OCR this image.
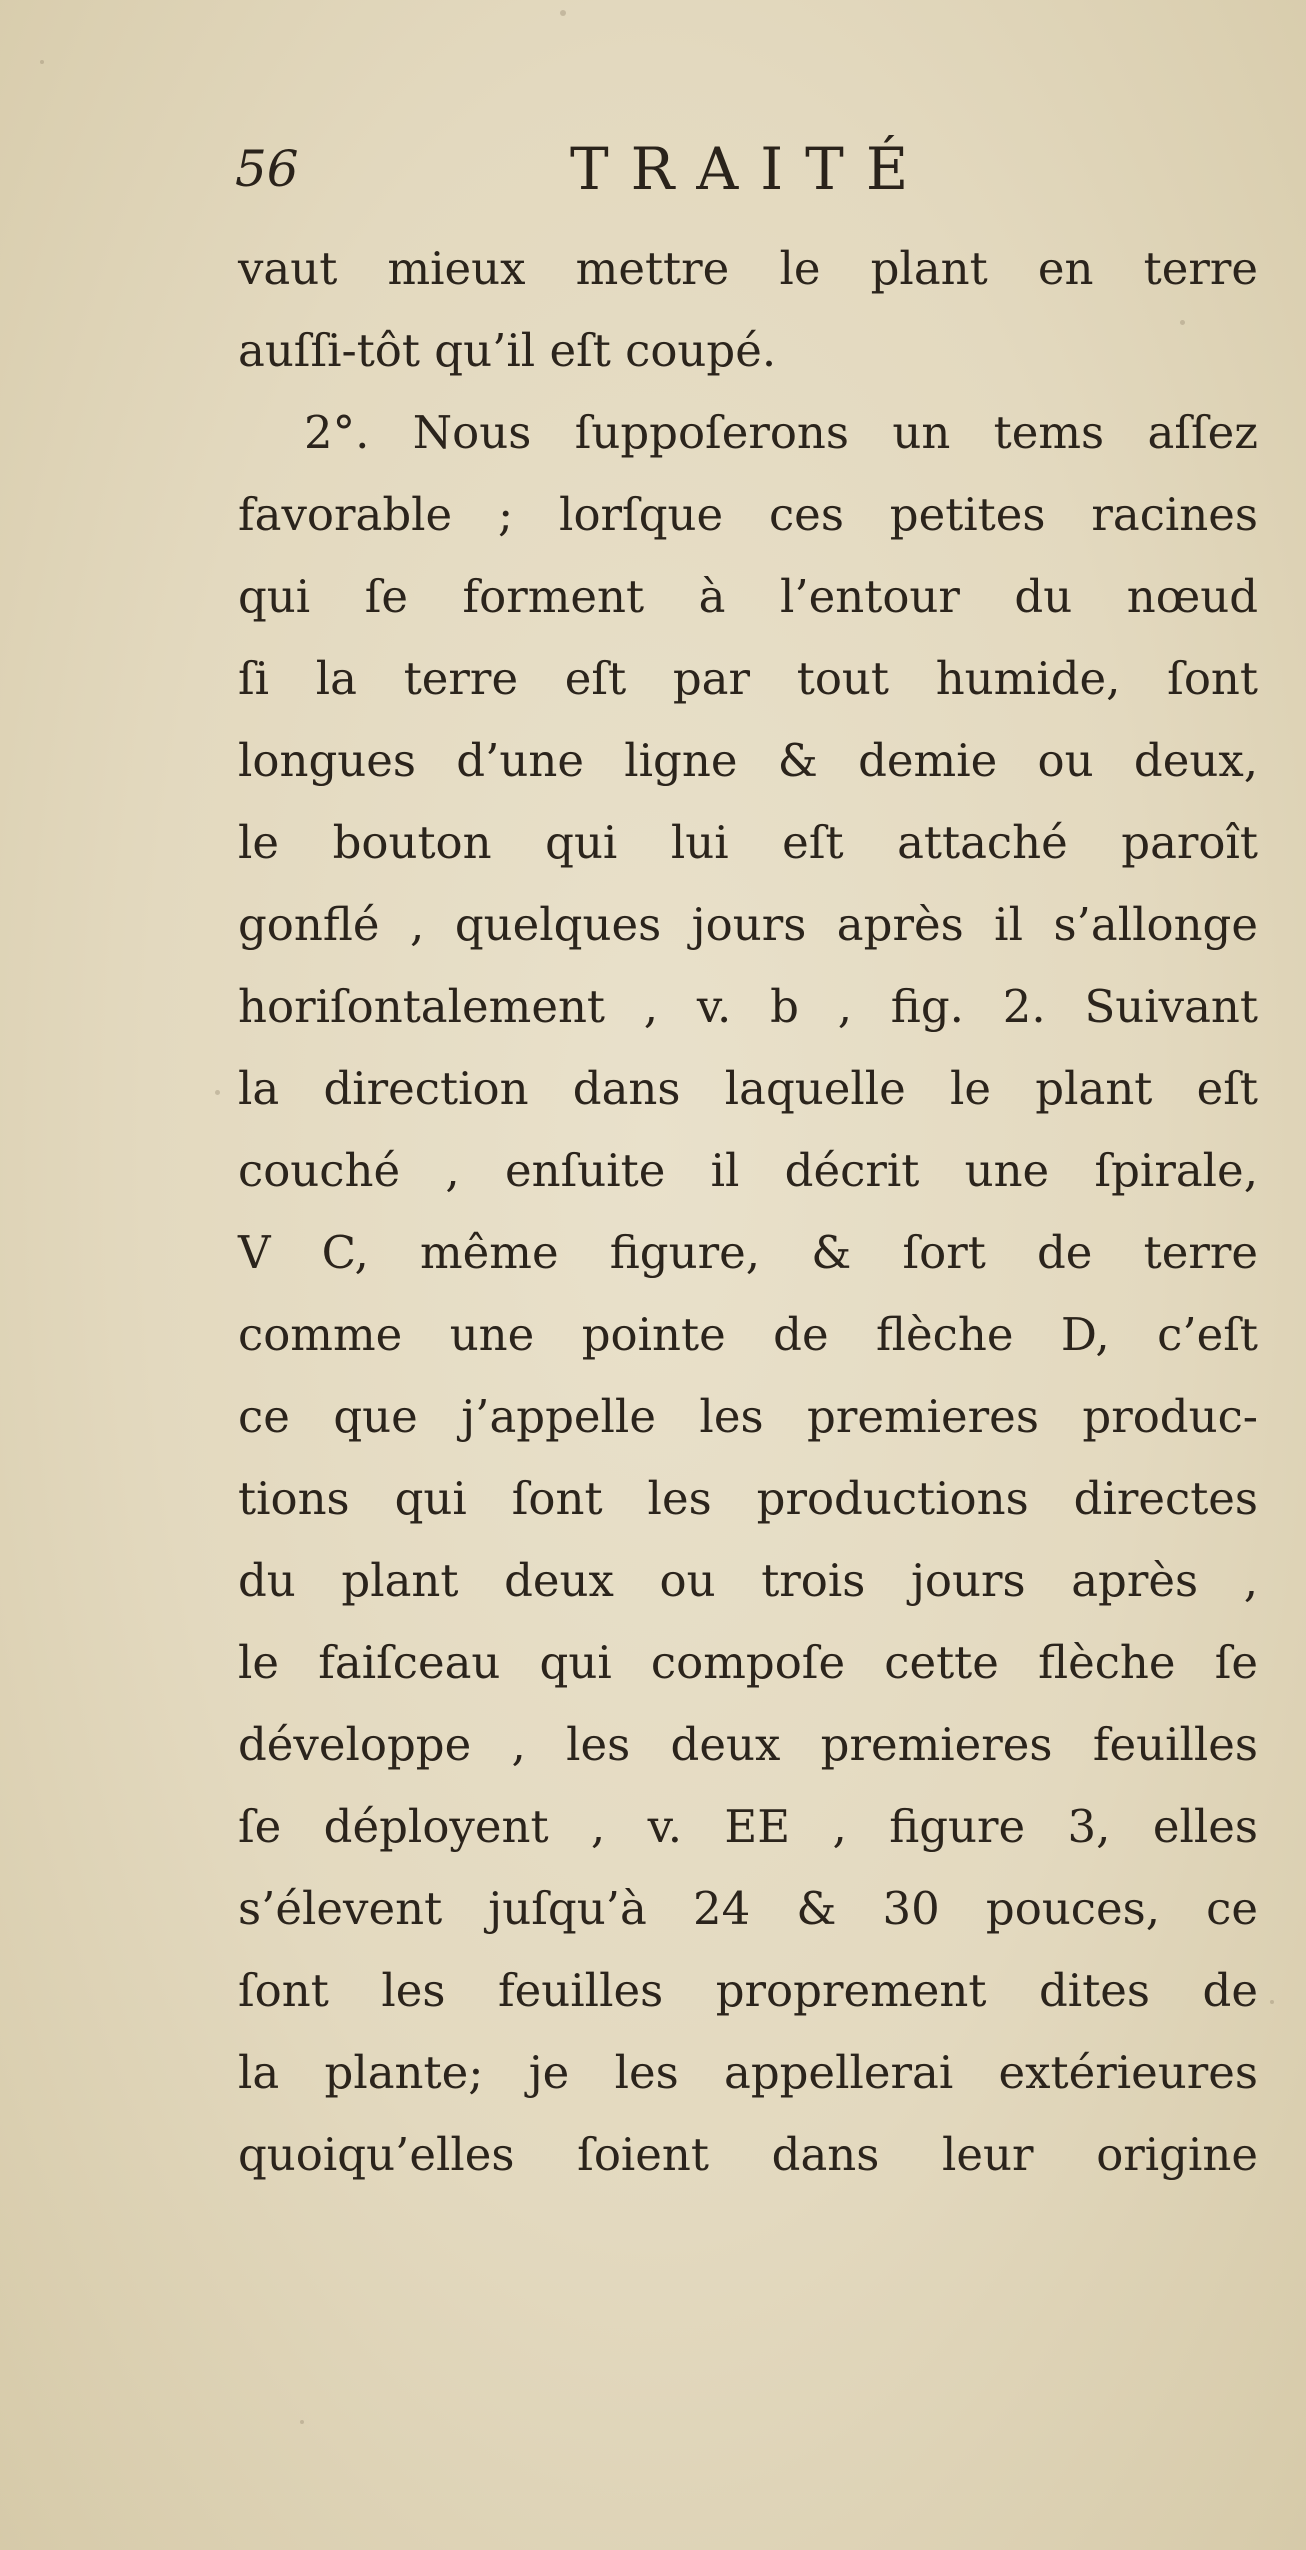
56	TRAITÉ
vaut mieux mettre le plant en terre
auſſi-tôt qu’il eſt coupé.
2°. Nous ſuppoſerons un tems aſſez
favorable ; lorſque ces petites racines
qui ſe forment à l’entour du nœud
ſi la terre eſt par tout humide, ſont
longues d’une ligne & demie ou deux,
le bouton qui lui eſt attaché paroît
gonflé , quelques jours après il s’allonge
horiſontalement , v. b , fig. 2. Suivant
la direction dans laquelle le plant eſt
couché , enſuite il décrit une ſpirale,
V C, même figure, & ſort de terre
comme une pointe de flèche D, c’eſt
ce que j’appelle les premieres produc-
tions qui ſont les productions directes
du plant deux ou trois jours après ,
le faiſceau qui compoſe cette flèche ſe
développe , les deux premieres feuilles
ſe déployent , v. EE , figure 3, elles
s’élevent juſqu’à 24 & 30 pouces, ce
ſont les feuilles proprement dites de
la plante; je les appellerai extérieures
quoiqu’elles ſoient dans leur origine
